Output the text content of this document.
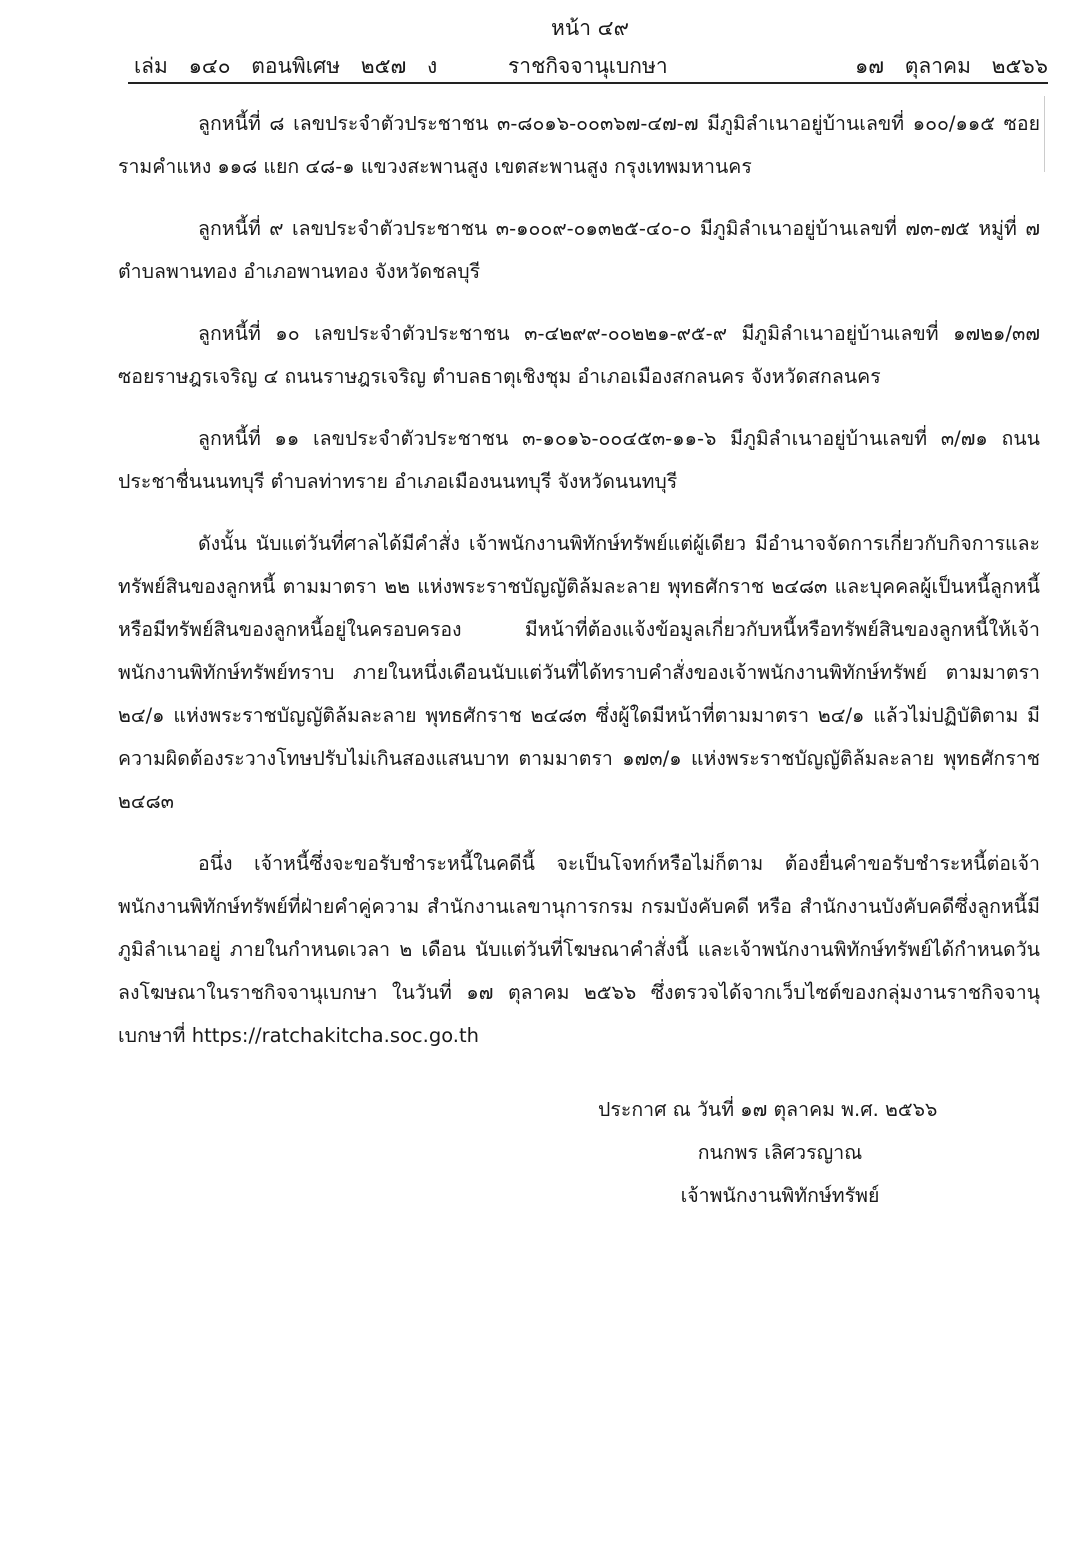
หน้า ๔๙
เล่ม ๑๔๐ ตอนพิเศษ ๒๕๗ ง	ราชกิจจานุเบกษา	๑๗ ตุลาคม ๒๕๖๖

ลูกหนี้ที่ ๘ เลขประจำตัวประชาชน ๓-๘๐๑๖-๐๐๓๖๗-๔๗-๗ มีภูมิลำเนาอยู่บ้านเลขที่ ๑๐๐/๑๑๕ ซอยรามคำแหง ๑๑๘ แยก ๔๘-๑ แขวงสะพานสูง เขตสะพานสูง กรุงเทพมหานคร

ลูกหนี้ที่ ๙ เลขประจำตัวประชาชน ๓-๑๐๐๙-๐๑๓๒๕-๔๐-๐ มีภูมิลำเนาอยู่บ้านเลขที่ ๗๓-๗๕ หมู่ที่ ๗ ตำบลพานทอง อำเภอพานทอง จังหวัดชลบุรี

ลูกหนี้ที่ ๑๐ เลขประจำตัวประชาชน ๓-๔๒๙๙-๐๐๒๒๑-๙๕-๙ มีภูมิลำเนาอยู่บ้านเลขที่ ๑๗๒๑/๓๗ ซอยราษฎรเจริญ ๔ ถนนราษฎรเจริญ ตำบลธาตุเชิงชุม อำเภอเมืองสกลนคร จังหวัดสกลนคร

ลูกหนี้ที่ ๑๑ เลขประจำตัวประชาชน ๓-๑๐๑๖-๐๐๔๕๓-๑๑-๖ มีภูมิลำเนาอยู่บ้านเลขที่ ๓/๗๑ ถนนประชาชื่นนนทบุรี ตำบลท่าทราย อำเภอเมืองนนทบุรี จังหวัดนนทบุรี

ดังนั้น นับแต่วันที่ศาลได้มีคำสั่ง เจ้าพนักงานพิทักษ์ทรัพย์แต่ผู้เดียว มีอำนาจจัดการเกี่ยวกับกิจการและทรัพย์สินของลูกหนี้ ตามมาตรา ๒๒ แห่งพระราชบัญญัติล้มละลาย พุทธศักราช ๒๔๘๓ และบุคคลผู้เป็นหนี้ลูกหนี้หรือมีทรัพย์สินของลูกหนี้อยู่ในครอบครอง มีหน้าที่ต้องแจ้งข้อมูลเกี่ยวกับหนี้หรือทรัพย์สินของลูกหนี้ให้เจ้าพนักงานพิทักษ์ทรัพย์ทราบ ภายในหนึ่งเดือนนับแต่วันที่ได้ทราบคำสั่งของเจ้าพนักงานพิทักษ์ทรัพย์ ตามมาตรา ๒๔/๑ แห่งพระราชบัญญัติล้มละลาย พุทธศักราช ๒๔๘๓ ซึ่งผู้ใดมีหน้าที่ตามมาตรา ๒๔/๑ แล้วไม่ปฏิบัติตาม มีความผิดต้องระวางโทษปรับไม่เกินสองแสนบาท ตามมาตรา ๑๗๓/๑ แห่งพระราชบัญญัติล้มละลาย พุทธศักราช ๒๔๘๓

อนึ่ง เจ้าหนี้ซึ่งจะขอรับชำระหนี้ในคดีนี้ จะเป็นโจทก์หรือไม่ก็ตาม ต้องยื่นคำขอรับชำระหนี้ต่อเจ้าพนักงานพิทักษ์ทรัพย์ที่ฝ่ายคำคู่ความ สำนักงานเลขานุการกรม กรมบังคับคดี หรือ สำนักงานบังคับคดีซึ่งลูกหนี้มีภูมิลำเนาอยู่ ภายในกำหนดเวลา ๒ เดือน นับแต่วันที่โฆษณาคำสั่งนี้ และเจ้าพนักงานพิทักษ์ทรัพย์ได้กำหนดวันลงโฆษณาในราชกิจจานุเบกษา ในวันที่ ๑๗ ตุลาคม ๒๕๖๖ ซึ่งตรวจได้จากเว็บไซต์ของกลุ่มงานราชกิจจานุเบกษาที่ https://ratchakitcha.soc.go.th

ประกาศ ณ วันที่ ๑๗ ตุลาคม พ.ศ. ๒๕๖๖
กนกพร เลิศวรญาณ
เจ้าพนักงานพิทักษ์ทรัพย์
